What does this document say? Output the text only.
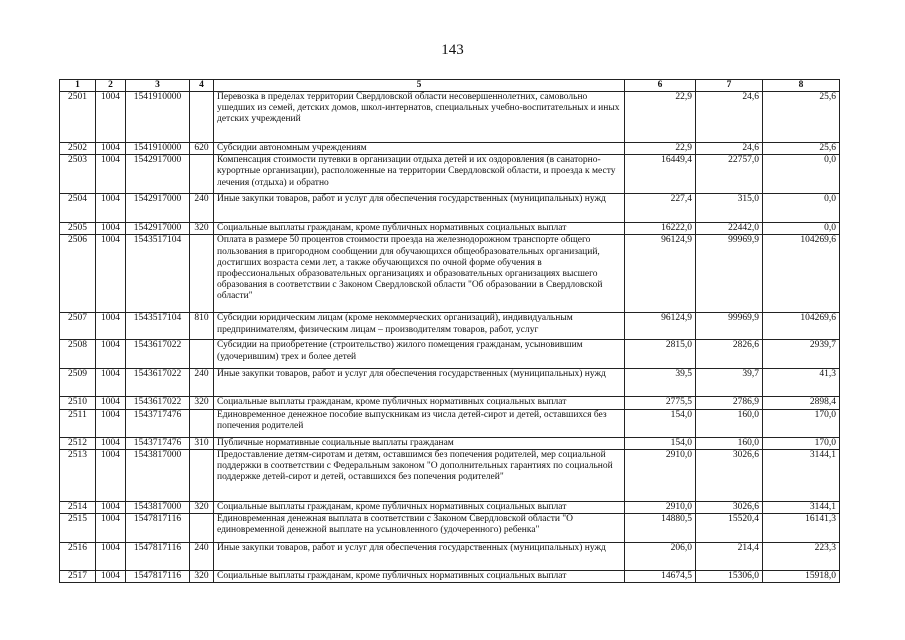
143
1	2	3	4	5	6	7	8
2501	1004	1541910000		Перевозка в пределах территории Свердловской области несовершеннолетних, самовольно ушедших из семей, детских домов, школ-интернатов, специальных учебно-воспитательных и иных детских учреждений	22,9	24,6	25,6
2502	1004	1541910000	620	Субсидии автономным учреждениям	22,9	24,6	25,6
2503	1004	1542917000		Компенсация стоимости путевки в организации отдыха детей и их оздоровления (в санаторно-курортные организации), расположенные на территории Свердловской области, и проезда к месту лечения (отдыха) и обратно	16449,4	22757,0	0,0
2504	1004	1542917000	240	Иные закупки товаров, работ и услуг для обеспечения государственных (муниципальных) нужд	227,4	315,0	0,0
2505	1004	1542917000	320	Социальные выплаты гражданам, кроме публичных нормативных социальных выплат	16222,0	22442,0	0,0
2506	1004	1543517104		Оплата в размере 50 процентов стоимости проезда на железнодорожном транспорте общего пользования в пригородном сообщении для обучающихся общеобразовательных организаций, достигших возраста семи лет, а также обучающихся по очной форме обучения в профессиональных образовательных организациях и образовательных организациях высшего образования в соответствии с Законом Свердловской области "Об образовании в Свердловской области"	96124,9	99969,9	104269,6
2507	1004	1543517104	810	Субсидии юридическим лицам (кроме некоммерческих организаций), индивидуальным предпринимателям, физическим лицам – производителям товаров, работ, услуг	96124,9	99969,9	104269,6
2508	1004	1543617022		Субсидии на приобретение (строительство) жилого помещения гражданам, усыновившим (удочерившим) трех и более детей	2815,0	2826,6	2939,7
2509	1004	1543617022	240	Иные закупки товаров, работ и услуг для обеспечения государственных (муниципальных) нужд	39,5	39,7	41,3
2510	1004	1543617022	320	Социальные выплаты гражданам, кроме публичных нормативных социальных выплат	2775,5	2786,9	2898,4
2511	1004	1543717476		Единовременное денежное пособие выпускникам из числа детей-сирот и детей, оставшихся без попечения родителей	154,0	160,0	170,0
2512	1004	1543717476	310	Публичные нормативные социальные выплаты гражданам	154,0	160,0	170,0
2513	1004	1543817000		Предоставление детям-сиротам и детям, оставшимся без попечения родителей, мер социальной поддержки в соответствии с Федеральным законом "О дополнительных гарантиях по социальной поддержке детей-сирот и детей, оставшихся без попечения родителей"	2910,0	3026,6	3144,1
2514	1004	1543817000	320	Социальные выплаты гражданам, кроме публичных нормативных социальных выплат	2910,0	3026,6	3144,1
2515	1004	1547817116		Единовременная денежная выплата в соответствии с Законом Свердловской области "О единовременной денежной выплате на усыновленного (удочеренного) ребенка"	14880,5	15520,4	16141,3
2516	1004	1547817116	240	Иные закупки товаров, работ и услуг для обеспечения государственных (муниципальных) нужд	206,0	214,4	223,3
2517	1004	1547817116	320	Социальные выплаты гражданам, кроме публичных нормативных социальных выплат	14674,5	15306,0	15918,0
